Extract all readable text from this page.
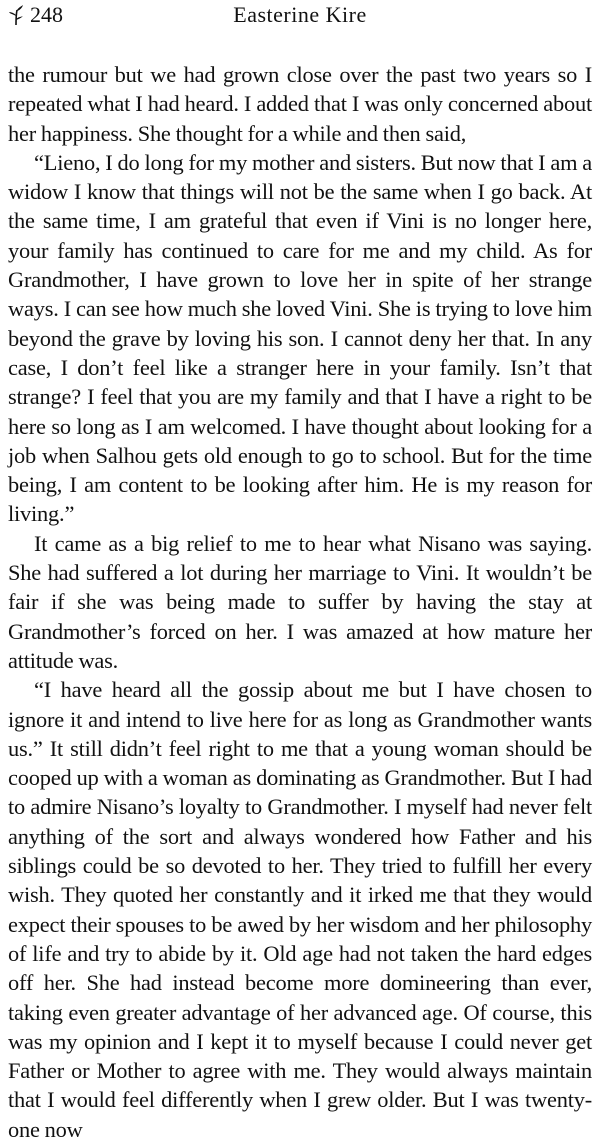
248	Easterine Kire

the rumour but we had grown close over the past two years so I repeated what I had heard. I added that I was only concerned about her happiness. She thought for a while and then said,

“Lieno, I do long for my mother and sisters. But now that I am a widow I know that things will not be the same when I go back. At the same time, I am grateful that even if Vini is no longer here, your family has continued to care for me and my child. As for Grandmother, I have grown to love her in spite of her strange ways. I can see how much she loved Vini. She is trying to love him beyond the grave by loving his son. I cannot deny her that. In any case, I don’t feel like a stranger here in your family. Isn’t that strange? I feel that you are my family and that I have a right to be here so long as I am welcomed. I have thought about looking for a job when Salhou gets old enough to go to school. But for the time being, I am content to be looking after him. He is my reason for living.”

It came as a big relief to me to hear what Nisano was saying. She had suffered a lot during her marriage to Vini. It wouldn’t be fair if she was being made to suffer by having the stay at Grandmother’s forced on her. I was amazed at how mature her attitude was.

“I have heard all the gossip about me but I have chosen to ignore it and intend to live here for as long as Grandmother wants us.” It still didn’t feel right to me that a young woman should be cooped up with a woman as dominating as Grandmother. But I had to admire Nisano’s loyalty to Grandmother. I myself had never felt anything of the sort and always wondered how Father and his siblings could be so devoted to her. They tried to fulfill her every wish. They quoted her constantly and it irked me that they would expect their spouses to be awed by her wisdom and her philosophy of life and try to abide by it. Old age had not taken the hard edges off her. She had instead become more domineering than ever, taking even greater advantage of her advanced age. Of course, this was my opinion and I kept it to myself because I could never get Father or Mother to agree with me. They would always maintain that I would feel differently when I grew older. But I was twenty-one now
